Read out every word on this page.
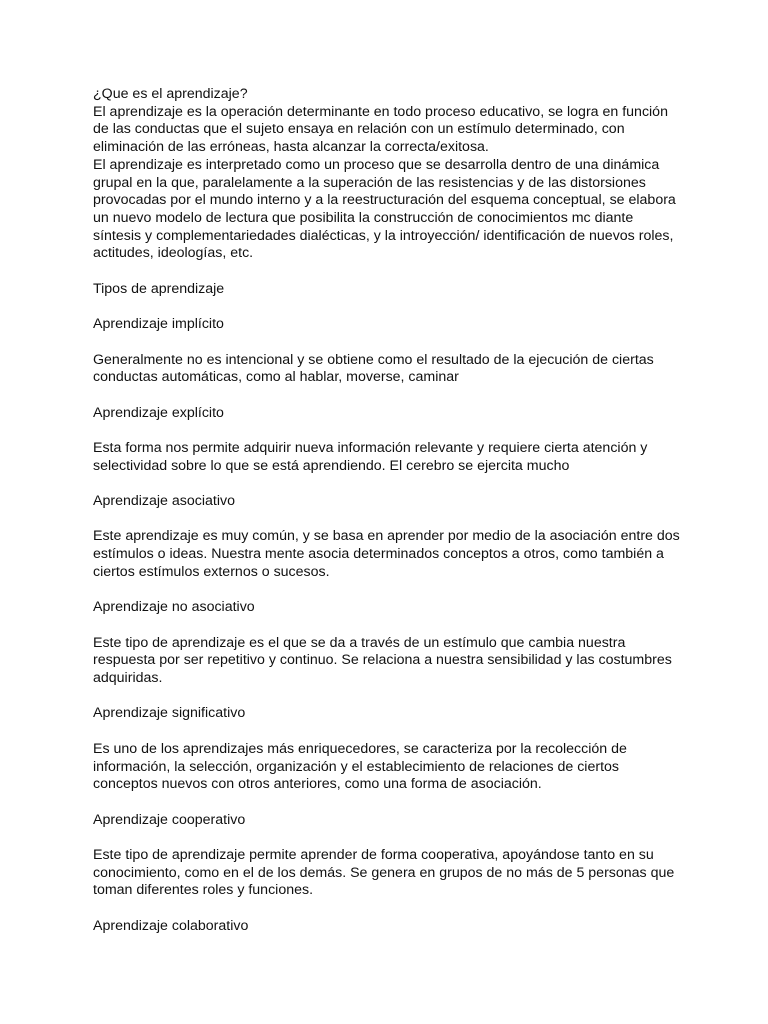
¿Que es el aprendizaje?

El aprendizaje es la operación determinante en todo proceso educativo, se logra en función de las conductas que el sujeto ensaya en relación con un estímulo determinado, con eliminación de las erróneas, hasta alcanzar la correcta/exitosa.

El aprendizaje es interpretado como un proceso que se desarrolla dentro de una dinámica grupal en la que, paralelamente a la superación de las resistencias y de las distorsiones provocadas por el mundo interno y a la reestructuración del esquema conceptual, se elabora un nuevo modelo de lectura que posibilita la construcción de conocimientos mc diante síntesis y complementariedades dialécticas, y la introyección/ identificación de nuevos roles, actitudes, ideologías, etc.

Tipos de aprendizaje

Aprendizaje implícito

Generalmente no es intencional y se obtiene como el resultado de la ejecución de ciertas conductas automáticas, como al hablar, moverse, caminar

Aprendizaje explícito

Esta forma nos permite adquirir nueva información relevante y requiere cierta atención y selectividad sobre lo que se está aprendiendo. El cerebro se ejercita mucho

Aprendizaje asociativo

Este aprendizaje es muy común, y se basa en aprender por medio de la asociación entre dos estímulos o ideas. Nuestra mente asocia determinados conceptos a otros, como también a ciertos estímulos externos o sucesos.

Aprendizaje no asociativo

Este tipo de aprendizaje es el que se da a través de un estímulo que cambia nuestra respuesta por ser repetitivo y continuo. Se relaciona a nuestra sensibilidad y las costumbres adquiridas.

Aprendizaje significativo

Es uno de los aprendizajes más enriquecedores, se caracteriza por la recolección de información, la selección, organización y el establecimiento de relaciones de ciertos conceptos nuevos con otros anteriores, como una forma de asociación.

Aprendizaje cooperativo

Este tipo de aprendizaje permite aprender de forma cooperativa, apoyándose tanto en su conocimiento, como en el de los demás. Se genera en grupos de no más de 5 personas que toman diferentes roles y funciones.

Aprendizaje colaborativo
